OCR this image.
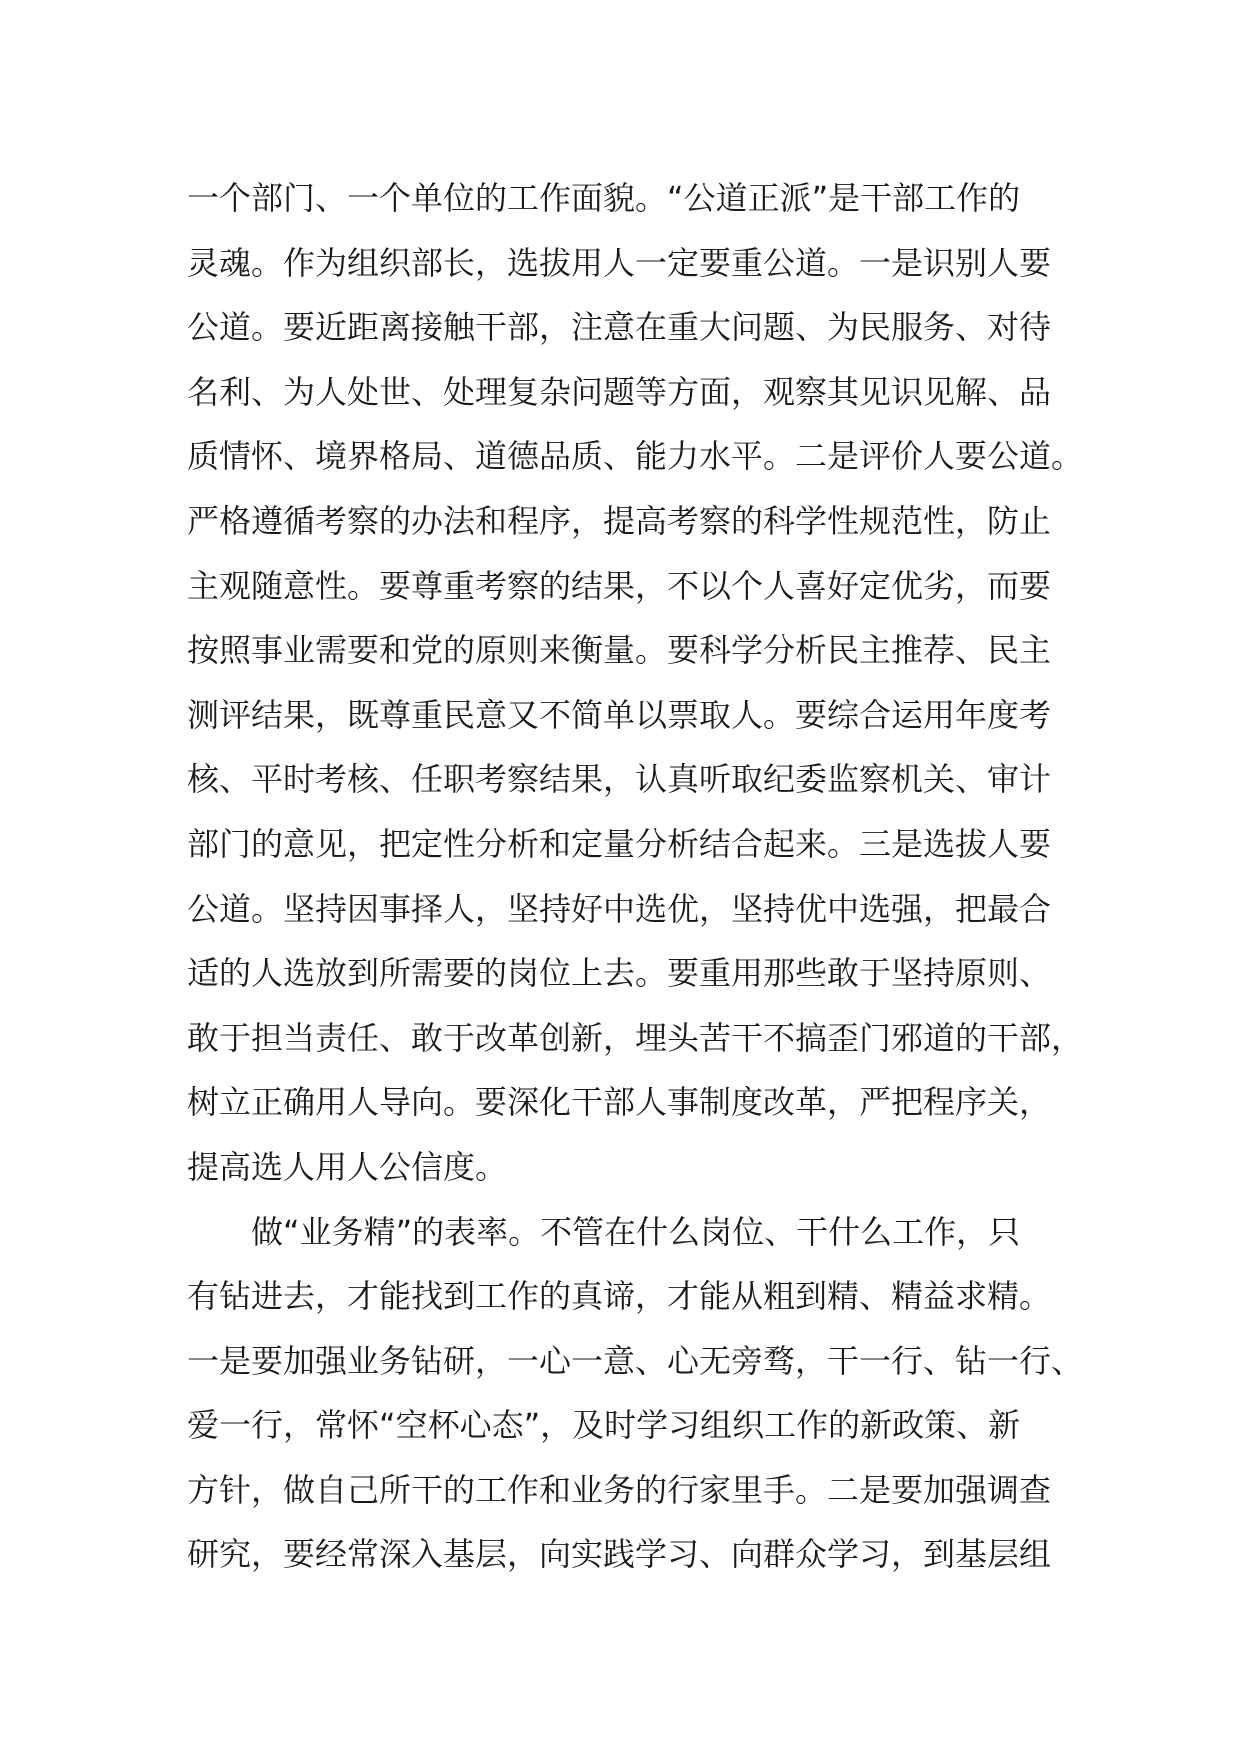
一个部门、一个单位的工作面貌。“公道正派”是干部工作的
灵魂。作为组织部长，选拔用人一定要重公道。一是识别人要
公道。要近距离接触干部，注意在重大问题、为民服务、对待
名利、为人处世、处理复杂问题等方面，观察其见识见解、品
质情怀、境界格局、道德品质、能力水平。二是评价人要公道。
严格遵循考察的办法和程序，提高考察的科学性规范性，防止
主观随意性。要尊重考察的结果，不以个人喜好定优劣，而要
按照事业需要和党的原则来衡量。要科学分析民主推荐、民主
测评结果，既尊重民意又不简单以票取人。要综合运用年度考
核、平时考核、任职考察结果，认真听取纪委监察机关、审计
部门的意见，把定性分析和定量分析结合起来。三是选拔人要
公道。坚持因事择人，坚持好中选优，坚持优中选强，把最合
适的人选放到所需要的岗位上去。要重用那些敢于坚持原则、
敢于担当责任、敢于改革创新，埋头苦干不搞歪门邪道的干部，
树立正确用人导向。要深化干部人事制度改革，严把程序关，
提高选人用人公信度。
做“业务精”的表率。不管在什么岗位、干什么工作，只
有钻进去，才能找到工作的真谛，才能从粗到精、精益求精。
一是要加强业务钻研，一心一意、心无旁骛，干一行、钻一行、
爱一行，常怀“空杯心态”，及时学习组织工作的新政策、新
方针，做自己所干的工作和业务的行家里手。二是要加强调查
研究，要经常深入基层，向实践学习、向群众学习，到基层组
